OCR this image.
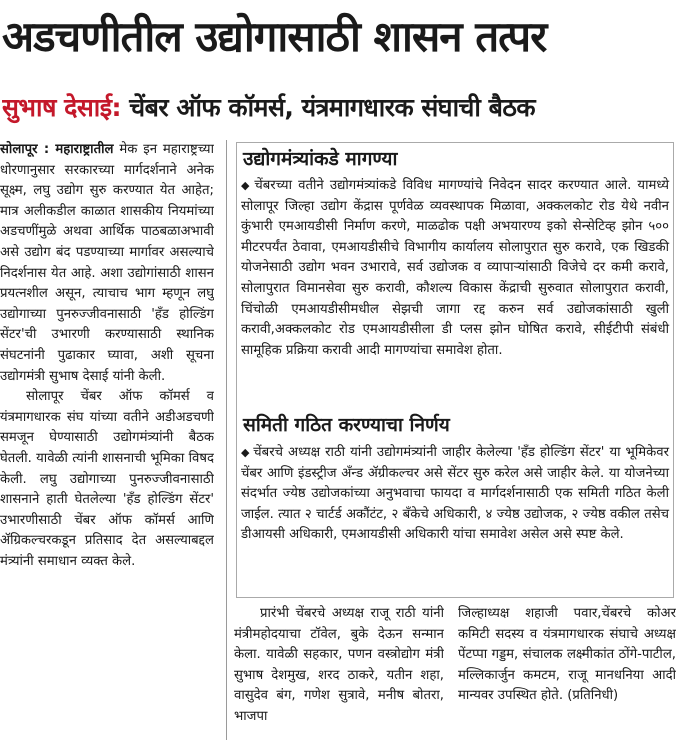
अडचणीतील उद्योगासाठी शासन तत्पर
सुभाष देसाई: चेंबर ऑफ कॉमर्स, यंत्रमागधारक संघाची बैठक

सोलापूर : महाराष्ट्रातील मेक इन महाराष्ट्रच्या धोरणानुसार सरकारच्या मार्गदर्शनाने अनेक सूक्ष्म, लघु उद्योग सुरु करण्यात येत आहेत; मात्र अलीकडील काळात शासकीय नियमांच्या अडचणींमुळे अथवा आर्थिक पाठबळाअभावी असे उद्योग बंद पडण्याच्या मार्गावर असल्याचे निदर्शनास येत आहे. अशा उद्योगांसाठी शासन प्रयत्नशील असून, त्याचाच भाग म्हणून लघु उद्योगाच्या पुनरुज्जीवनासाठी 'हँड होल्डिंग सेंटर'ची उभारणी करण्यासाठी स्थानिक संघटनांनी पुढाकार घ्यावा, अशी सूचना उद्योगमंत्री सुभाष देसाई यांनी केली.

सोलापूर चेंबर ऑफ कॉमर्स व यंत्रमागधारक संघ यांच्या वतीने अडीअडचणी समजून घेण्यासाठी उद्योगमंत्र्यांनी बैठक घेतली. यावेळी त्यांनी शासनाची भूमिका विषद केली. लघु उद्योगाच्या पुनरुज्जीवनासाठी शासनाने हाती घेतलेल्या 'हँड होल्डिंग सेंटर' उभारणीसाठी चेंबर ऑफ कॉमर्स आणि ॲग्रिकल्चरकडून प्रतिसाद देत असल्याबद्दल मंत्र्यांनी समाधान व्यक्त केले.

उद्योगमंत्र्यांकडे मागण्या
◆ चेंबरच्या वतीने उद्योगमंत्र्यांकडे विविध मागण्यांचे निवेदन सादर करण्यात आले. यामध्ये सोलापूर जिल्हा उद्योग केंद्रास पूर्णवेळ व्यवस्थापक मिळावा, अक्कलकोट रोड येथे नवीन कुंभारी एमआयडीसी निर्माण करणे, माळढोक पक्षी अभयारण्य इको सेन्सेटिव्ह झोन ५०० मीटरपर्यंत ठेवावा, एमआयडीसीचे विभागीय कार्यालय सोलापुरात सुरु करावे, एक खिडकी योजनेसाठी उद्योग भवन उभारावे, सर्व उद्योजक व व्यापाऱ्यांसाठी विजेचे दर कमी करावे, सोलापुरात विमानसेवा सुरु करावी, कौशल्य विकास केंद्राची सुरुवात सोलापुरात करावी, चिंचोळी एमआयडीसीमधील सेझची जागा रद्द करुन सर्व उद्योजकांसाठी खुली करावी,अक्कलकोट रोड एमआयडीसीला डी प्लस झोन घोषित करावे, सीईटीपी संबंधी सामूहिक प्रक्रिया करावी आदी मागण्यांचा समावेश होता.
समिती गठित करण्याचा निर्णय
◆ चेंबरचे अध्यक्ष राठी यांनी उद्योगमंत्र्यांनी जाहीर केलेल्या 'हँड होल्डिंग सेंटर' या भूमिकेवर चेंबर आणि इंडस्ट्रीज अँन्ड ॲग्रीकल्चर असे सेंटर सुरु करेल असे जाहीर केले. या योजनेच्या संदर्भात ज्येष्ठ उद्योजकांच्या अनुभवाचा फायदा व मार्गदर्शनासाठी एक समिती गठित केली जाईल. त्यात २ चार्टर्ड अकौंटंट, २ बँकेचे अधिकारी, ४ ज्येष्ठ उद्योजक, २ ज्येष्ठ वकील तसेच डीआयसी अधिकारी, एमआयडीसी अधिकारी यांचा समावेश असेल असे स्पष्ट केले.

प्रारंभी चेंबरचे अध्यक्ष राजू राठी यांनी मंत्रीमहोदयाचा टॉवेल, बुके देऊन सन्मान केला. यावेळी सहकार, पणन वस्त्रोद्योग मंत्री सुभाष देशमुख, शरद ठाकरे, यतीन शहा, वासुदेव बंग, गणेश सुत्रावे, मनीष बोतरा, भाजपा

जिल्हाध्यक्ष शहाजी पवार,चेंबरचे कोअर कमिटी सदस्य व यंत्रमागधारक संघाचे अध्यक्ष पेंटप्पा गड्डम, संचालक लक्ष्मीकांत ठोंगे-पाटील, मल्लिकार्जुन कमटम, राजू मानधनिया आदी मान्यवर उपस्थित होते. (प्रतिनिधी)
